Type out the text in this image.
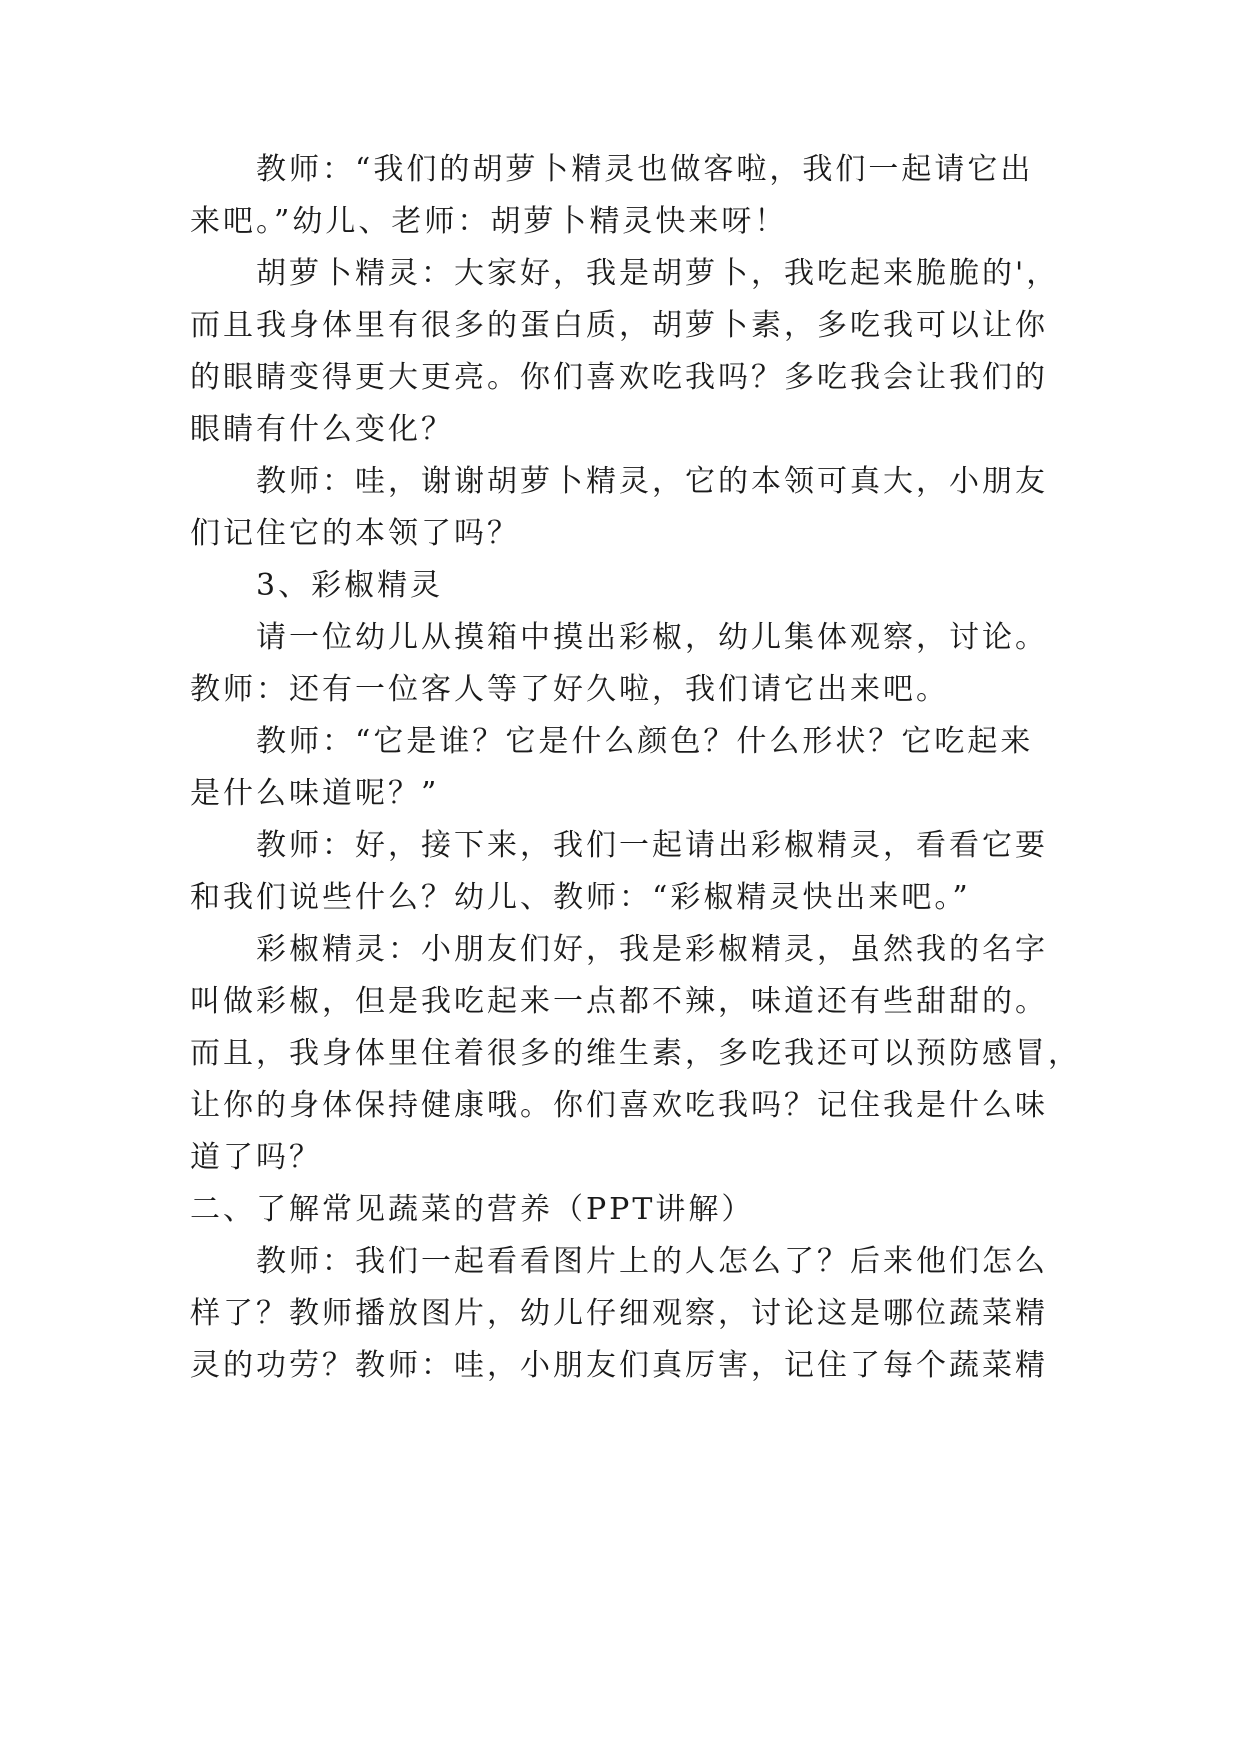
教师：“我们的胡萝卜精灵也做客啦，我们一起请它出
来吧。”幼儿、老师：胡萝卜精灵快来呀！
胡萝卜精灵：大家好，我是胡萝卜，我吃起来脆脆的'，
而且我身体里有很多的蛋白质，胡萝卜素，多吃我可以让你
的眼睛变得更大更亮。你们喜欢吃我吗？多吃我会让我们的
眼睛有什么变化？
教师：哇，谢谢胡萝卜精灵，它的本领可真大，小朋友
们记住它的本领了吗？
3、彩椒精灵
请一位幼儿从摸箱中摸出彩椒，幼儿集体观察，讨论。
教师：还有一位客人等了好久啦，我们请它出来吧。
教师：“它是谁？它是什么颜色？什么形状？它吃起来
是什么味道呢？”
教师：好，接下来，我们一起请出彩椒精灵，看看它要
和我们说些什么？幼儿、教师：“彩椒精灵快出来吧。”
彩椒精灵：小朋友们好，我是彩椒精灵，虽然我的名字
叫做彩椒，但是我吃起来一点都不辣，味道还有些甜甜的。
而且，我身体里住着很多的维生素，多吃我还可以预防感冒，
让你的身体保持健康哦。你们喜欢吃我吗？记住我是什么味
道了吗？
二、了解常见蔬菜的营养（PPT讲解）
教师：我们一起看看图片上的人怎么了？后来他们怎么
样了？教师播放图片，幼儿仔细观察，讨论这是哪位蔬菜精
灵的功劳？教师：哇，小朋友们真厉害，记住了每个蔬菜精
